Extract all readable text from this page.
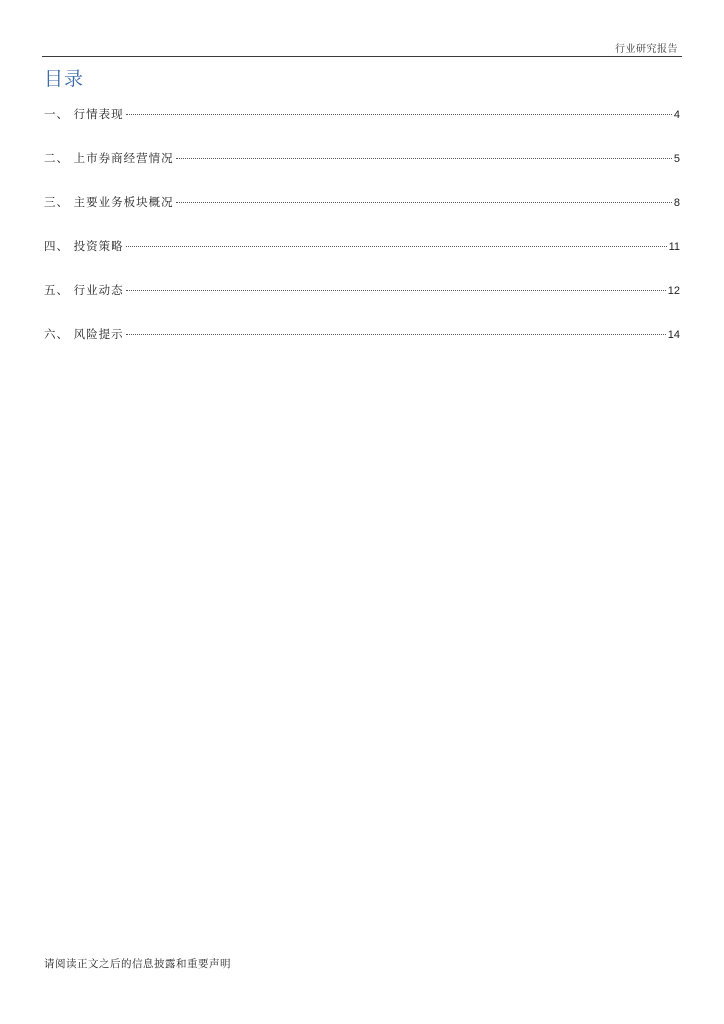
行业研究报告
目录
一、 行情表现	4
二、 上市券商经营情况	5
三、 主要业务板块概况	8
四、 投资策略	11
五、 行业动态	12
六、 风险提示	14
请阅读正文之后的信息披露和重要声明
